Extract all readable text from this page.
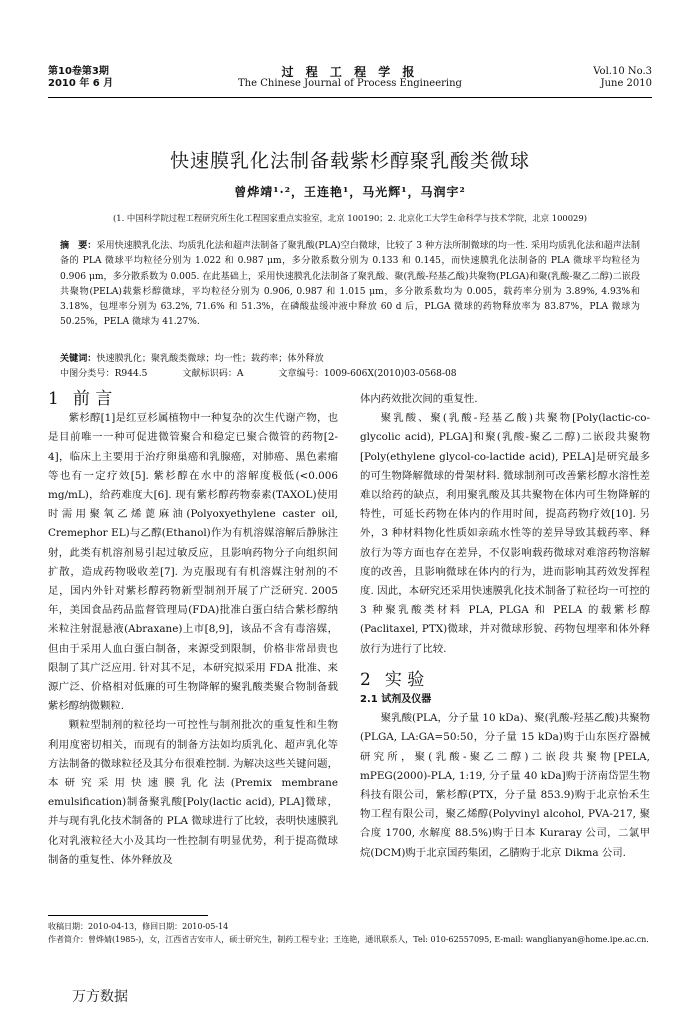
第10卷第3期
2010 年 6 月
过 程 工 程 学 报
The Chinese Journal of Process Engineering
Vol.10 No.3
June 2010
快速膜乳化法制备载紫杉醇聚乳酸类微球
曾烨靖¹·²，王连艳¹，马光辉¹，马润宇²
(1. 中国科学院过程工程研究所生化工程国家重点实验室，北京 100190；2. 北京化工大学生命科学与技术学院，北京 100029)
摘　要：采用快速膜乳化法、均质乳化法和超声法制备了聚乳酸(PLA)空白微球，比较了 3 种方法所制微球的均一性. 采用均质乳化法和超声法制备的 PLA 微球平均粒径分别为 1.022 和 0.987 μm，多分散系数分别为 0.133 和 0.145，而快速膜乳化法制备的 PLA 微球平均粒径为 0.906 μm，多分散系数为 0.005. 在此基础上，采用快速膜乳化法制备了聚乳酸、聚(乳酸-羟基乙酸)共聚物(PLGA)和聚(乳酸-聚乙二醇)二嵌段共聚物(PELA)载紫杉醇微球，平均粒径分别为 0.906, 0.987 和 1.015 μm，多分散系数均为 0.005，载药率分别为 3.89%, 4.93%和 3.18%，包埋率分别为 63.2%, 71.6% 和 51.3%，在磷酸盐缓冲液中释放 60 d 后，PLGA 微球的药物释放率为 83.87%，PLA 微球为 50.25%，PELA 微球为 41.27%.
关键词：快速膜乳化；聚乳酸类微球；均一性；载药率；体外释放
中图分类号：R944.5	文献标识码：A	文章编号：1009-606X(2010)03-0568-08

1 前 言

紫杉醇[1]是红豆杉属植物中一种复杂的次生代谢产物，也是目前唯一一种可促进微管聚合和稳定已聚合微管的药物[2-4]，临床上主要用于治疗卵巢癌和乳腺癌，对肺癌、黑色素瘤等也有一定疗效[5]. 紫杉醇在水中的溶解度极低(<0.006 mg/mL)，给药难度大[6]. 现有紫杉醇药物泰素(TAXOL)使用时需用聚氧乙烯蓖麻油(Polyoxyethylene caster oil, Cremephor EL)与乙醇(Ethanol)作为有机溶媒溶解后静脉注射，此类有机溶剂易引起过敏反应，且影响药物分子向组织间扩散，造成药物吸收差[7]. 为克服现有有机溶媒注射剂的不足，国内外针对紫杉醇药物新型制剂开展了广泛研究. 2005 年，美国食品药品监督管理局(FDA)批准白蛋白结合紫杉醇纳米粒注射混悬液(Abraxane)上市[8,9]，该品不含有毒溶媒，但由于采用人血白蛋白制备，来源受到限制，价格非常昂贵也限制了其广泛应用. 针对其不足，本研究拟采用 FDA 批准、来源广泛、价格相对低廉的可生物降解的聚乳酸类聚合物制备载紫杉醇纳微颗粒.

颗粒型制剂的粒径均一可控性与制剂批次的重复性和生物利用度密切相关，而现有的制备方法如均质乳化、超声乳化等方法制备的微球粒径及其分布很难控制. 为解决这些关键问题，本研究采用快速膜乳化法(Premix membrane emulsification)制备聚乳酸[Poly(lactic acid), PLA]微球，并与现有乳化技术制备的 PLA 微球进行了比较，表明快速膜乳化对乳液粒径大小及其均一性控制有明显优势，利于提高微球制备的重复性、体外释放及

体内药效批次间的重复性.

聚乳酸、聚(乳酸-羟基乙酸)共聚物[Poly(lactic-co-glycolic acid), PLGA]和聚(乳酸-聚乙二醇)二嵌段共聚物[Poly(ethylene glycol-co-lactide acid), PELA]是研究最多的可生物降解微球的骨架材料. 微球制剂可改善紫杉醇水溶性差难以给药的缺点，利用聚乳酸及其共聚物在体内可生物降解的特性，可延长药物在体内的作用时间，提高药物疗效[10]. 另外，3 种材料物化性质如亲疏水性等的差异导致其载药率、释放行为等方面也存在差异，不仅影响载药微球对难溶药物溶解度的改善，且影响微球在体内的行为，进而影响其药效发挥程度. 因此，本研究还采用快速膜乳化技术制备了粒径均一可控的 3 种聚乳酸类材料 PLA, PLGA 和 PELA 的载紫杉醇(Paclitaxel, PTX)微球，并对微球形貌、药物包埋率和体外释放行为进行了比较.

2 实 验

2.1 试剂及仪器

聚乳酸(PLA，分子量 10 kDa)、聚(乳酸-羟基乙酸)共聚物(PLGA, LA:GA=50:50，分子量 15 kDa)购于山东医疗器械研究所，聚(乳酸-聚乙二醇)二嵌段共聚物[PELA, mPEG(2000)-PLA, 1:19, 分子量 40 kDa]购于济南岱罡生物科技有限公司，紫杉醇(PTX，分子量 853.9)购于北京怡禾生物工程有限公司，聚乙烯醇(Polyvinyl alcohol, PVA-217, 聚合度 1700, 水解度 88.5%)购于日本 Kuraray 公司，二氯甲烷(DCM)购于北京国药集团，乙腈购于北京 Dikma 公司.

收稿日期：2010-04-13，修回日期：2010-05-14
作者简介：曾烨婧(1985-)，女，江西省吉安市人，硕士研究生，制药工程专业；王连艳，通讯联系人，Tel: 010-62557095, E-mail: wanglianyan@home.ipe.ac.cn.
万方数据
